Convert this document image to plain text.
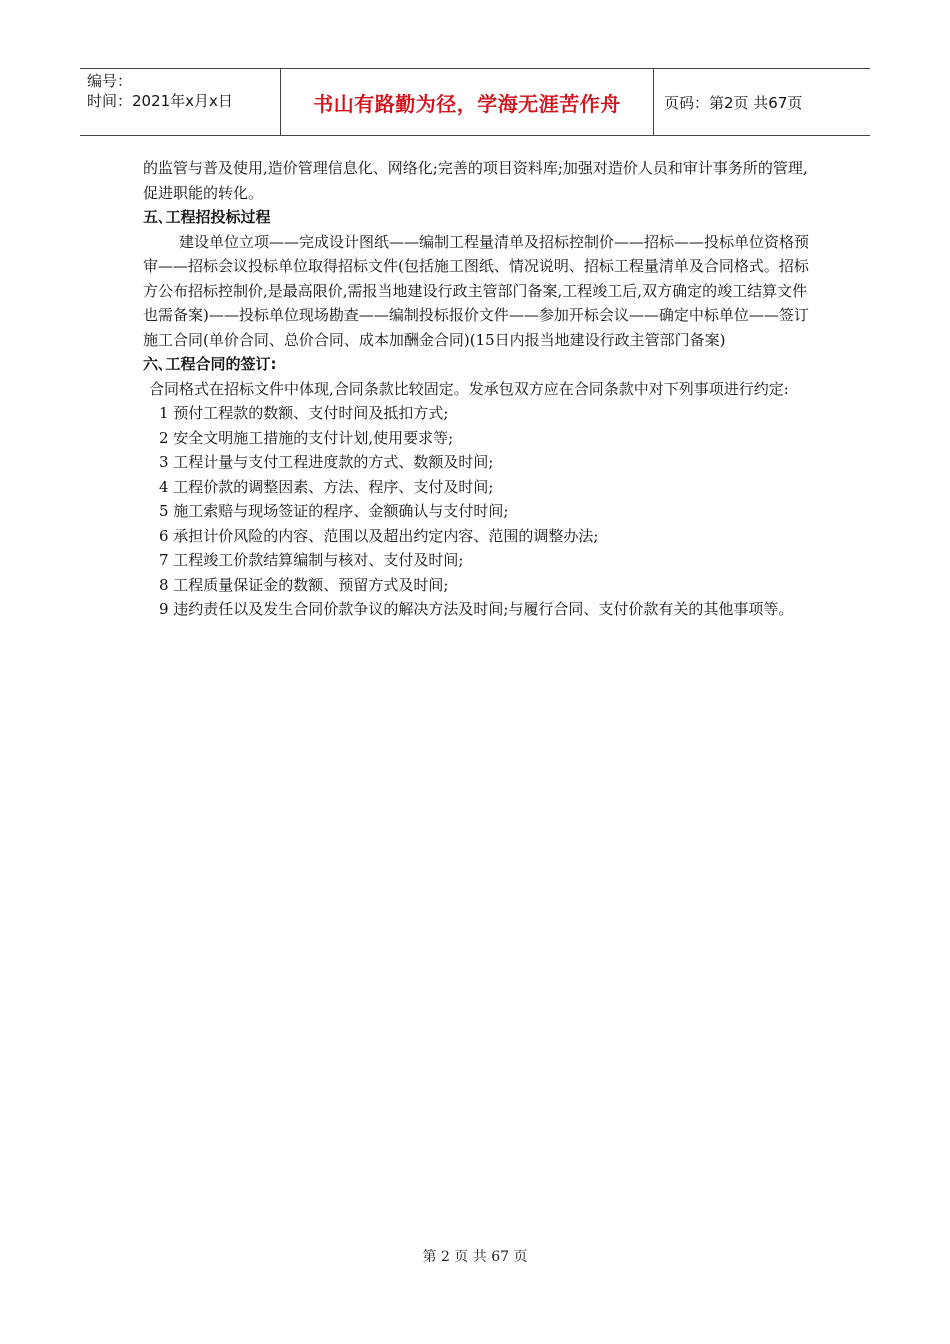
编号：
时间：2021年x月x日	书山有路勤为径，学海无涯苦作舟	页码：第2页 共67页

的监管与普及使用,造价管理信息化、网络化;完善的项目资料库;加强对造价人员和审计事务所的管理,促进职能的转化。

五､工程招投标过程

建设单位立项——完成设计图纸——编制工程量清单及招标控制价——招标——投标单位资格预审——招标会议投标单位取得招标文件(包括施工图纸、情况说明、招标工程量清单及合同格式。招标方公布招标控制价,是最高限价,需报当地建设行政主管部门备案,工程竣工后,双方确定的竣工结算文件也需备案)——投标单位现场勘查——编制投标报价文件——参加开标会议——确定中标单位——签订施工合同(单价合同、总价合同、成本加酬金合同)(15日内报当地建设行政主管部门备案)

六､工程合同的签订:

合同格式在招标文件中体现,合同条款比较固定。发承包双方应在合同条款中对下列事项进行约定:

1 预付工程款的数额、支付时间及抵扣方式;

2 安全文明施工措施的支付计划,使用要求等;

3 工程计量与支付工程进度款的方式、数额及时间;

4 工程价款的调整因素、方法、程序、支付及时间;

5 施工索赔与现场签证的程序、金额确认与支付时间;

6 承担计价风险的内容、范围以及超出约定内容、范围的调整办法;

7 工程竣工价款结算编制与核对、支付及时间;

8 工程质量保证金的数额、预留方式及时间;

9 违约责任以及发生合同价款争议的解决方法及时间;与履行合同、支付价款有关的其他事项等。

第 2 页 共 67 页
